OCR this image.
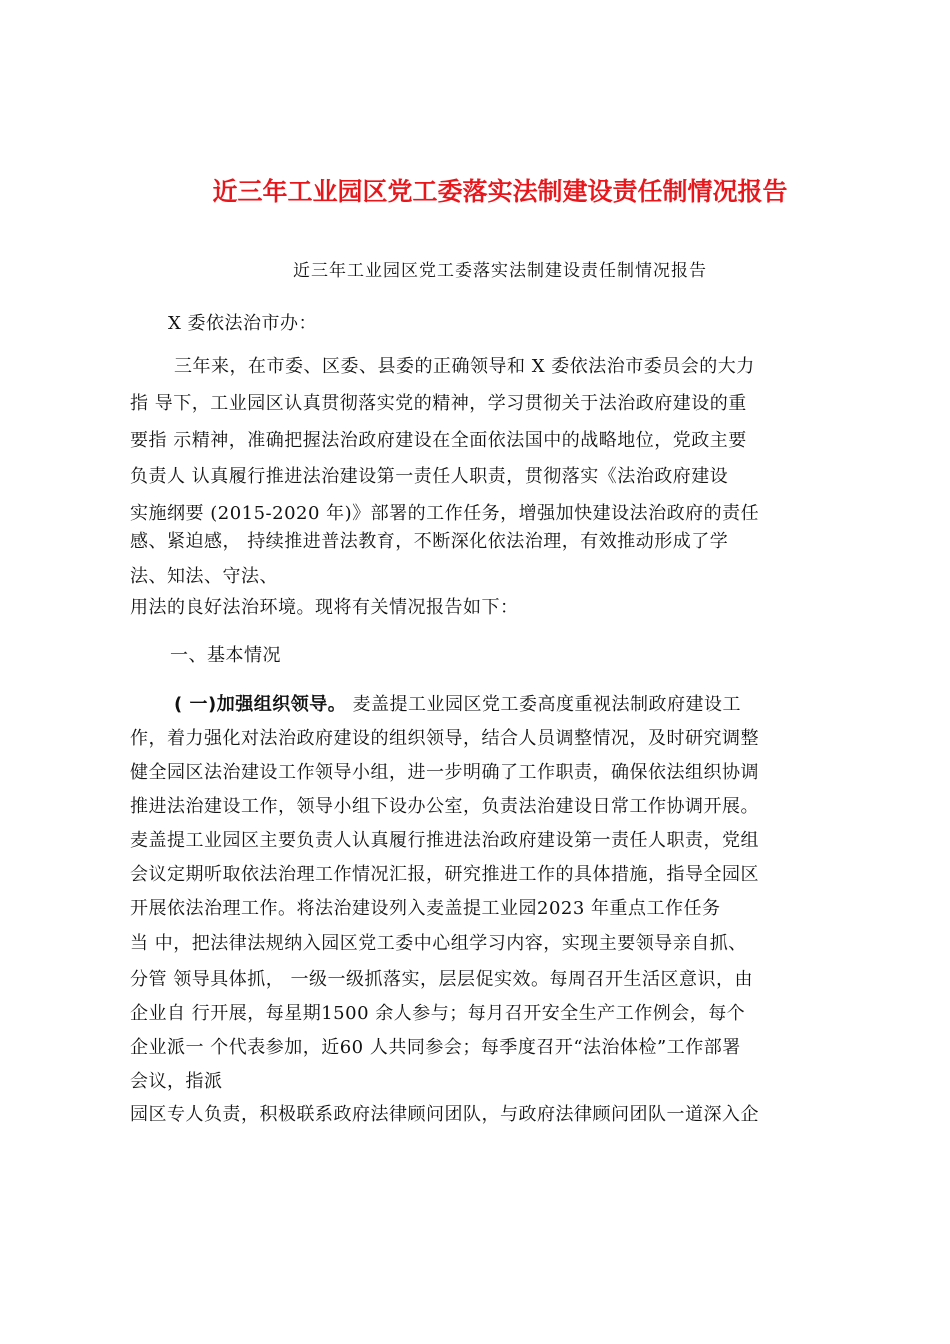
近三年工业园区党工委落实法制建设责任制情况报告
近三年工业园区党工委落实法制建设责任制情况报告
X 委依法治市办：
三年来，在市委、区委、县委的正确领导和 X 委依法治市委员会的大力
指 导下，工业园区认真贯彻落实党的精神，学习贯彻关于法治政府建设的重
要指 示精神，准确把握法治政府建设在全面依法国中的战略地位，党政主要
负责人 认真履行推进法治建设第一责任人职责，贯彻落实《法治政府建设
实施纲要 (2015-2020 年)》部署的工作任务，增强加快建设法治政府的责任
感、紧迫感， 持续推进普法教育，不断深化依法治理，有效推动形成了学
法、知法、守法、
用法的良好法治环境。现将有关情况报告如下：
一、基本情况
( 一)加强组织领导。 麦盖提工业园区党工委高度重视法制政府建设工
作，着力强化对法治政府建设的组织领导，结合人员调整情况，及时研究调整
健全园区法治建设工作领导小组，进一步明确了工作职责，确保依法组织协调
推进法治建设工作，领导小组下设办公室，负责法治建设日常工作协调开展。
麦盖提工业园区主要负责人认真履行推进法治政府建设第一责任人职责，党组
会议定期听取依法治理工作情况汇报，研究推进工作的具体措施，指导全园区
开展依法治理工作。将法治建设列入麦盖提工业园2023 年重点工作任务
当 中，把法律法规纳入园区党工委中心组学习内容，实现主要领导亲自抓、
分管 领导具体抓， 一级一级抓落实，层层促实效。每周召开生活区意识，由
企业自 行开展，每星期1500 余人参与；每月召开安全生产工作例会，每个
企业派一 个代表参加，近60 人共同参会；每季度召开“法治体检”工作部署
会议，指派
园区专人负责，积极联系政府法律顾问团队，与政府法律顾问团队一道深入企
